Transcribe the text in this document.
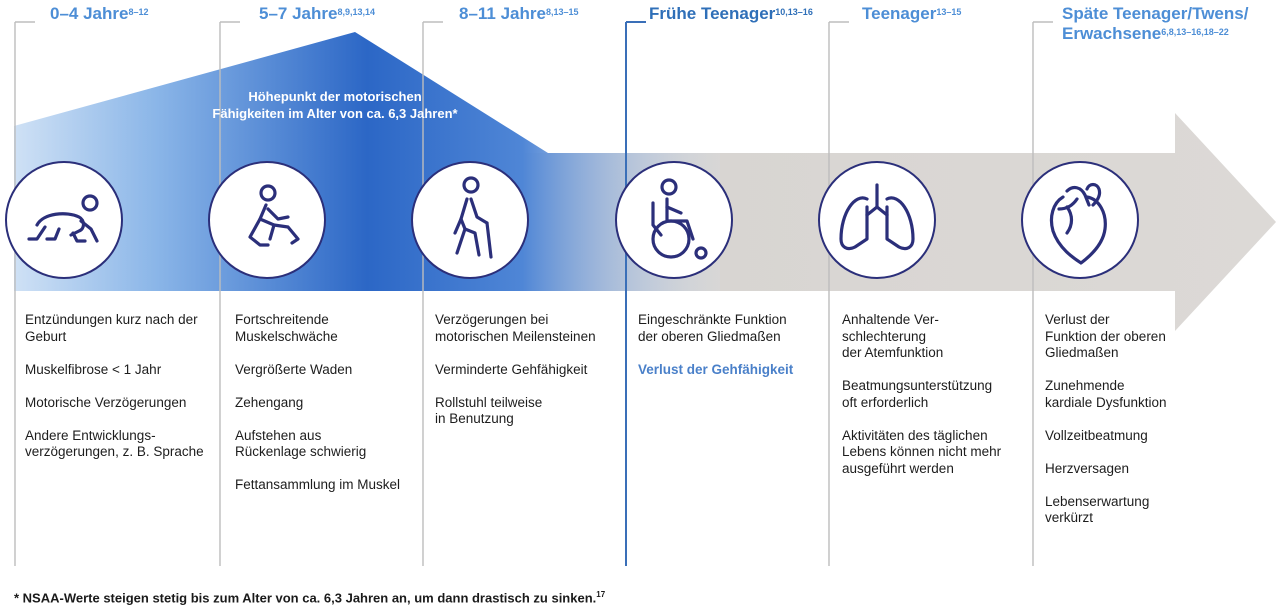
Höhepunkt der motorischen
Fähigkeiten im Alter von ca. 6,3 Jahren*
0–4 Jahre$^{8-12}$	5–7 Jahre$^{8,9,13,14}$	8–11 Jahre$^{8,13-15}$	Frühe Teenager$^{10,13-16}$	Teenager$^{13-15}$	Späte Teenager/Twens/
Erwachsene$^{6,8,13-16,18-22}$
Entzündungen kurz nach der
Geburt
Muskelfibrose < 1 Jahr
Motorische Verzögerungen
Andere Entwicklungs-
verzögerungen, z. B. Sprache
Fortschreitende
Muskelschwäche
Vergrößerte Waden
Zehengang
Aufstehen aus
Rückenlage schwierig
Fettansammlung im Muskel
Verzögerungen bei
motorischen Meilensteinen
Verminderte Gehfähigkeit
Rollstuhl teilweise
in Benutzung
Eingeschränkte Funktion
der oberen Gliedmaßen
Verlust der Gehfähigkeit
Anhaltende Ver-
schlechterung
der Atemfunktion
Beatmungsunterstützung
oft erforderlich
Aktivitäten des täglichen
Lebens können nicht mehr
ausgeführt werden
Verlust der
Funktion der oberen
Gliedmaßen
Zunehmende
kardiale Dysfunktion
Vollzeitbeatmung
Herzversagen
Lebenserwartung
verkürzt
* NSAA-Werte steigen stetig bis zum Alter von ca. 6,3 Jahren an, um dann drastisch zu sinken.$^{17}$
